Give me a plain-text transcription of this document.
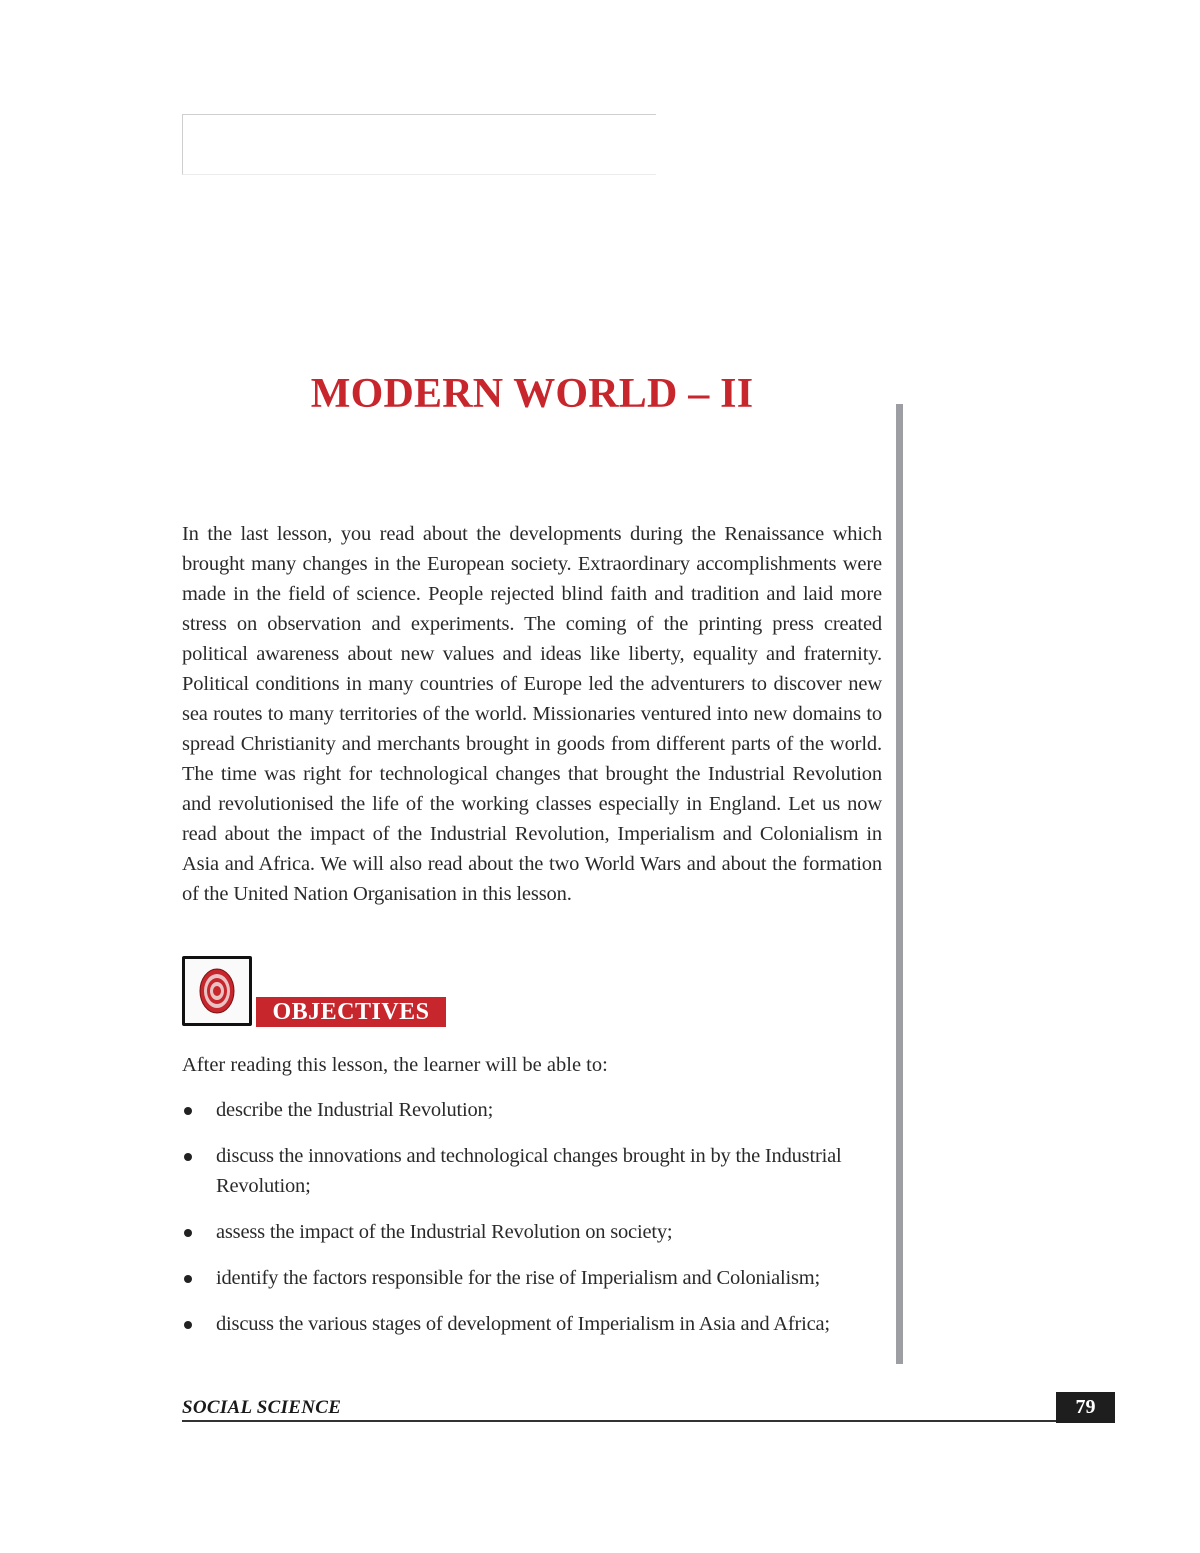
MODERN WORLD – II

In the last lesson, you read about the developments during the Renaissance which brought many changes in the European society. Extraordinary accomplishments were made in the field of science. People rejected blind faith and tradition and laid more stress on observation and experiments. The coming of the printing press created political awareness about new values and ideas like liberty, equality and fraternity. Political conditions in many countries of Europe led the adventurers to discover new sea routes to many territories of the world. Missionaries ventured into new domains to spread Christianity and merchants brought in goods from different parts of the world. The time was right for technological changes that brought the Industrial Revolution and revolutionised the life of the working classes especially in England. Let us now read about the impact of the Industrial Revolution, Imperialism and Colonialism in Asia and Africa. We will also read about the two World Wars and about the formation of the United Nation Organisation in this lesson.

OBJECTIVES

After reading this lesson, the learner will be able to:

describe the Industrial Revolution;
discuss the innovations and technological changes brought in by the Industrial Revolution;
assess the impact of the Industrial Revolution on society;
identify the factors responsible for the rise of Imperialism and Colonialism;
discuss the various stages of development of Imperialism in Asia and Africa;
SOCIAL SCIENCE	79
